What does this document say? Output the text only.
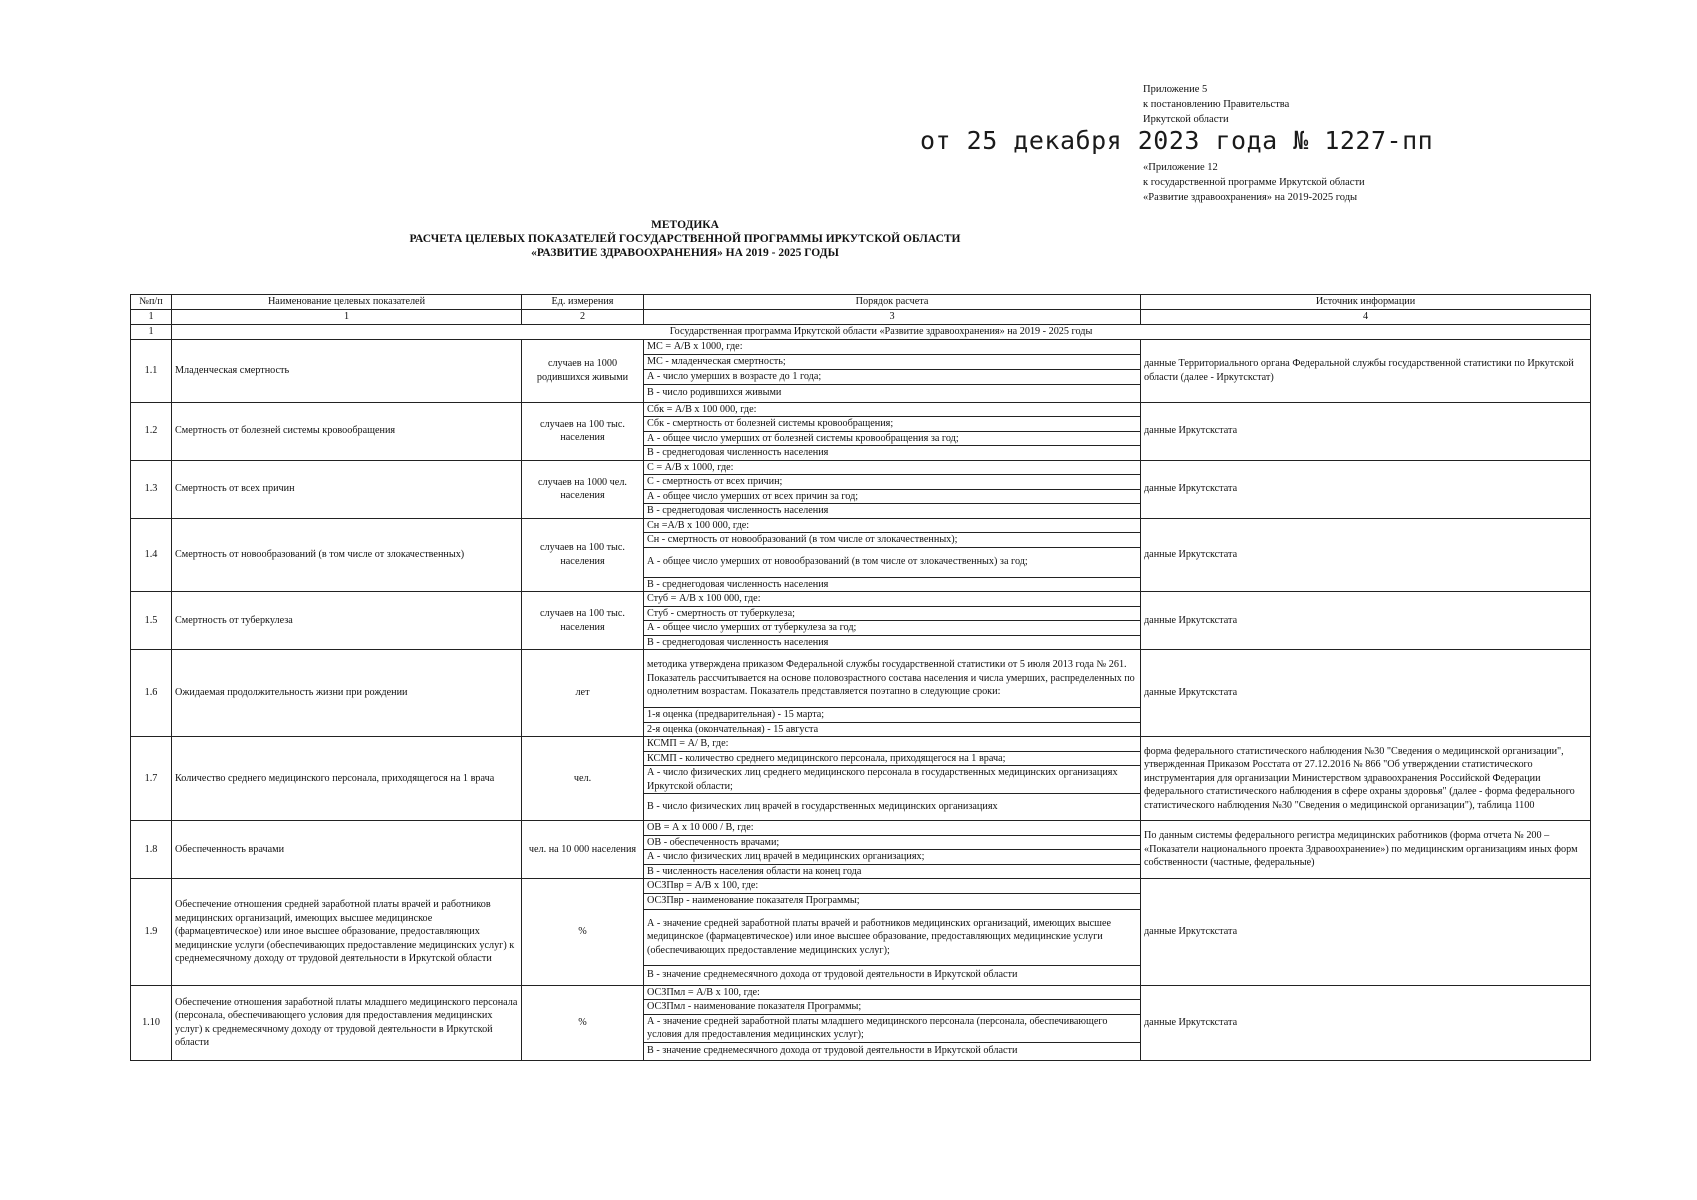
Приложение 5
к постановлению Правительства
Иркутской области
от 25 декабря 2023 года № 1227-пп
«Приложение 12
к государственной программе Иркутской области
«Развитие здравоохранения» на 2019-2025 годы
МЕТОДИКА
РАСЧЕТА ЦЕЛЕВЫХ ПОКАЗАТЕЛЕЙ ГОСУДАРСТВЕННОЙ ПРОГРАММЫ ИРКУТСКОЙ ОБЛАСТИ
«РАЗВИТИЕ ЗДРАВООХРАНЕНИЯ» НА 2019 - 2025 ГОДЫ
№п/п	Наименование целевых показателей	Ед. измерения	Порядок расчета	Источник информации
1	1	2	3	4
1	Государственная программа Иркутской области «Развитие здравоохранения» на 2019 - 2025 годы			
1.1	Младенческая смертность	случаев на 1000 родившихся живыми	МС = А/В х 1000, где:	данные Территориального органа Федеральной службы государственной статистики по Иркутской области (далее - Иркутскстат)
			МС - младенческая смертность;	
			А - число умерших в возрасте до 1 года;	
			В - число родившихся живыми	
1.2	Смертность от болезней системы кровообращения	случаев на 100 тыс. населения	Сбк = А/В х 100 000, где:	данные Иркутскстата
			Сбк - смертность от болезней системы кровообращения;	
			А - общее число умерших от болезней системы кровообращения за год;	
			В - среднегодовая численность населения	
1.3	Смертность от всех причин	случаев на 1000 чел. населения	С = А/В х 1000, где:	данные Иркутскстата
			С - смертность от всех причин;	
			А - общее число умерших от всех причин за год;	
			В - среднегодовая численность населения	
1.4	Смертность от новообразований (в том числе от злокачественных)	случаев на 100 тыс. населения	Сн =А/В х 100 000, где:	данные Иркутскстата
			Сн - смертность от новообразований (в том числе от злокачественных);	
			А - общее число умерших от новообразований (в том числе от злокачественных) за год;	
			В - среднегодовая численность населения	
1.5	Смертность от туберкулеза	случаев на 100 тыс. населения	Стуб = А/В х 100 000, где:	данные Иркутскстата
			Стуб - смертность от туберкулеза;	
			А - общее число умерших от туберкулеза за год;	
			В - среднегодовая численность населения	
1.6	Ожидаемая продолжительность жизни при рождении	лет	методика утверждена приказом Федеральной службы государственной статистики от 5 июля 2013 года № 261. Показатель рассчитывается на основе половозрастного состава населения и числа умерших, распределенных по однолетним возрастам. Показатель представляется поэтапно в следующие сроки:	данные Иркутскстата
			1-я оценка (предварительная) - 15 марта;	
			2-я оценка (окончательная) - 15 августа	
1.7	Количество среднего медицинского персонала, приходящегося на 1 врача	чел.	КСМП = А/ В, где:	форма федерального статистического наблюдения №30 "Сведения о медицинской организации", утвержденная Приказом Росстата от 27.12.2016 № 866 "Об утверждении статистического инструментария для организации Министерством здравоохранения Российской Федерации федерального статистического наблюдения в сфере охраны здоровья" (далее - форма федерального статистического наблюдения №30 "Сведения о медицинской организации"), таблица 1100
			КСМП - количество среднего медицинского персонала, приходящегося на 1 врача;	
			А - число физических лиц среднего медицинского персонала в государственных медицинских организациях Иркутской области;	
			В - число физических лиц врачей в государственных медицинских организациях	
1.8	Обеспеченность врачами	чел. на 10 000 населения	ОВ = А х 10 000 / В, где:	По данным системы федерального регистра медицинских работников (форма отчета № 200 – «Показатели национального проекта Здравоохранение») по медицинским организациям иных форм собственности (частные, федеральные)
			ОВ - обеспеченность врачами;	
			А - число физических лиц врачей в медицинских организациях;	
			В - численность населения области на конец года	
1.9	Обеспечение отношения средней заработной платы врачей и работников медицинских организаций, имеющих высшее медицинское (фармацевтическое) или иное высшее образование, предоставляющих медицинские услуги (обеспечивающих предоставление медицинских услуг) к среднемесячному доходу от трудовой деятельности в Иркутской области	%	ОСЗПвр = А/В х 100, где:	данные Иркутскстата
			ОСЗПвр - наименование показателя Программы;	
			А - значение средней заработной платы врачей и работников медицинских организаций, имеющих высшее медицинское (фармацевтическое) или иное высшее образование, предоставляющих медицинские услуги (обеспечивающих предоставление медицинских услуг);	
			В - значение среднемесячного дохода от трудовой деятельности в Иркутской области	
1.10	Обеспечение отношения заработной платы младшего медицинского персонала (персонала, обеспечивающего условия для предоставления медицинских услуг) к среднемесячному доходу от трудовой деятельности в Иркутской области	%	ОСЗПмл = А/В х 100, где:	данные Иркутскстата
			ОСЗПмл - наименование показателя Программы;	
			А - значение средней заработной платы младшего медицинского персонала (персонала, обеспечивающего условия для предоставления медицинских услуг);	
			В - значение среднемесячного дохода от трудовой деятельности в Иркутской области	
